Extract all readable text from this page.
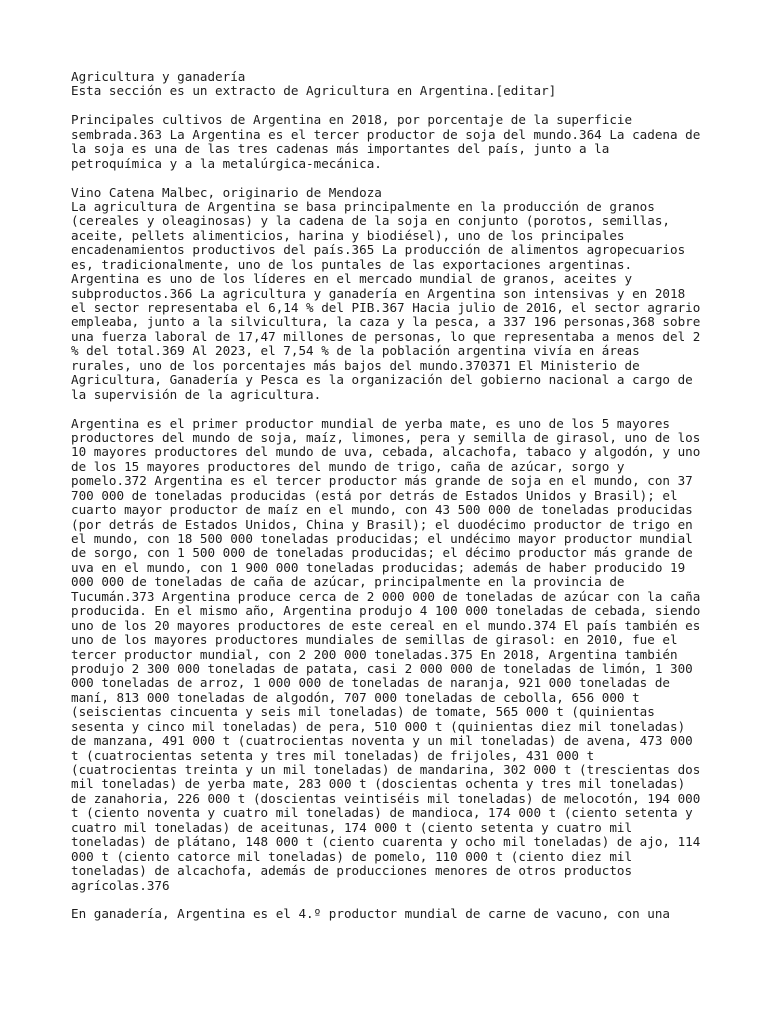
Agricultura y ganadería
Esta sección es un extracto de Agricultura en Argentina.[editar]
Principales cultivos de Argentina en 2018, por porcentaje de la superficie
sembrada.363 La Argentina es el tercer productor de soja del mundo.364 La cadena de
la soja es una de las tres cadenas más importantes del país, junto a la
petroquímica y a la metalúrgica-mecánica.
Vino Catena Malbec, originario de Mendoza
La agricultura de Argentina se basa principalmente en la producción de granos
(cereales y oleaginosas) y la cadena de la soja en conjunto (porotos, semillas,
aceite, pellets alimenticios, harina y biodiésel), uno de los principales
encadenamientos productivos del país.365 La producción de alimentos agropecuarios
es, tradicionalmente, uno de los puntales de las exportaciones argentinas.
Argentina es uno de los líderes en el mercado mundial de granos, aceites y
subproductos.366 La agricultura y ganadería en Argentina son intensivas y en 2018
el sector representaba el 6,14 % del PIB.367 Hacia julio de 2016, el sector agrario
empleaba, junto a la silvicultura, la caza y la pesca, a 337 196 personas,368 sobre
una fuerza laboral de 17,47 millones de personas, lo que representaba a menos del 2
% del total.369 Al 2023, el 7,54 % de la población argentina vivía en áreas
rurales, uno de los porcentajes más bajos del mundo.370371 El Ministerio de
Agricultura, Ganadería y Pesca es la organización del gobierno nacional a cargo de
la supervisión de la agricultura.
Argentina es el primer productor mundial de yerba mate, es uno de los 5 mayores
productores del mundo de soja, maíz, limones, pera y semilla de girasol, uno de los
10 mayores productores del mundo de uva, cebada, alcachofa, tabaco y algodón, y uno
de los 15 mayores productores del mundo de trigo, caña de azúcar, sorgo y
pomelo.372 Argentina es el tercer productor más grande de soja en el mundo, con 37
700 000 de toneladas producidas (está por detrás de Estados Unidos y Brasil); el
cuarto mayor productor de maíz en el mundo, con 43 500 000 de toneladas producidas
(por detrás de Estados Unidos, China y Brasil); el duodécimo productor de trigo en
el mundo, con 18 500 000 toneladas producidas; el undécimo mayor productor mundial
de sorgo, con 1 500 000 de toneladas producidas; el décimo productor más grande de
uva en el mundo, con 1 900 000 toneladas producidas; además de haber producido 19
000 000 de toneladas de caña de azúcar, principalmente en la provincia de
Tucumán.373 Argentina produce cerca de 2 000 000 de toneladas de azúcar con la caña
producida. En el mismo año, Argentina produjo 4 100 000 toneladas de cebada, siendo
uno de los 20 mayores productores de este cereal en el mundo.374 El país también es
uno de los mayores productores mundiales de semillas de girasol: en 2010, fue el
tercer productor mundial, con 2 200 000 toneladas.375 En 2018, Argentina también
produjo 2 300 000 toneladas de patata, casi 2 000 000 de toneladas de limón, 1 300
000 toneladas de arroz, 1 000 000 de toneladas de naranja, 921 000 toneladas de
maní, 813 000 toneladas de algodón, 707 000 toneladas de cebolla, 656 000 t
(seiscientas cincuenta y seis mil toneladas) de tomate, 565 000 t (quinientas
sesenta y cinco mil toneladas) de pera, 510 000 t (quinientas diez mil toneladas)
de manzana, 491 000 t (cuatrocientas noventa y un mil toneladas) de avena, 473 000
t (cuatrocientas setenta y tres mil toneladas) de frijoles, 431 000 t
(cuatrocientas treinta y un mil toneladas) de mandarina, 302 000 t (trescientas dos
mil toneladas) de yerba mate, 283 000 t (doscientas ochenta y tres mil toneladas)
de zanahoria, 226 000 t (doscientas veintiséis mil toneladas) de melocotón, 194 000
t (ciento noventa y cuatro mil toneladas) de mandioca, 174 000 t (ciento setenta y
cuatro mil toneladas) de aceitunas, 174 000 t (ciento setenta y cuatro mil
toneladas) de plátano, 148 000 t (ciento cuarenta y ocho mil toneladas) de ajo, 114
000 t (ciento catorce mil toneladas) de pomelo, 110 000 t (ciento diez mil
toneladas) de alcachofa, además de producciones menores de otros productos
agrícolas.376
En ganadería, Argentina es el 4.º productor mundial de carne de vacuno, con una
